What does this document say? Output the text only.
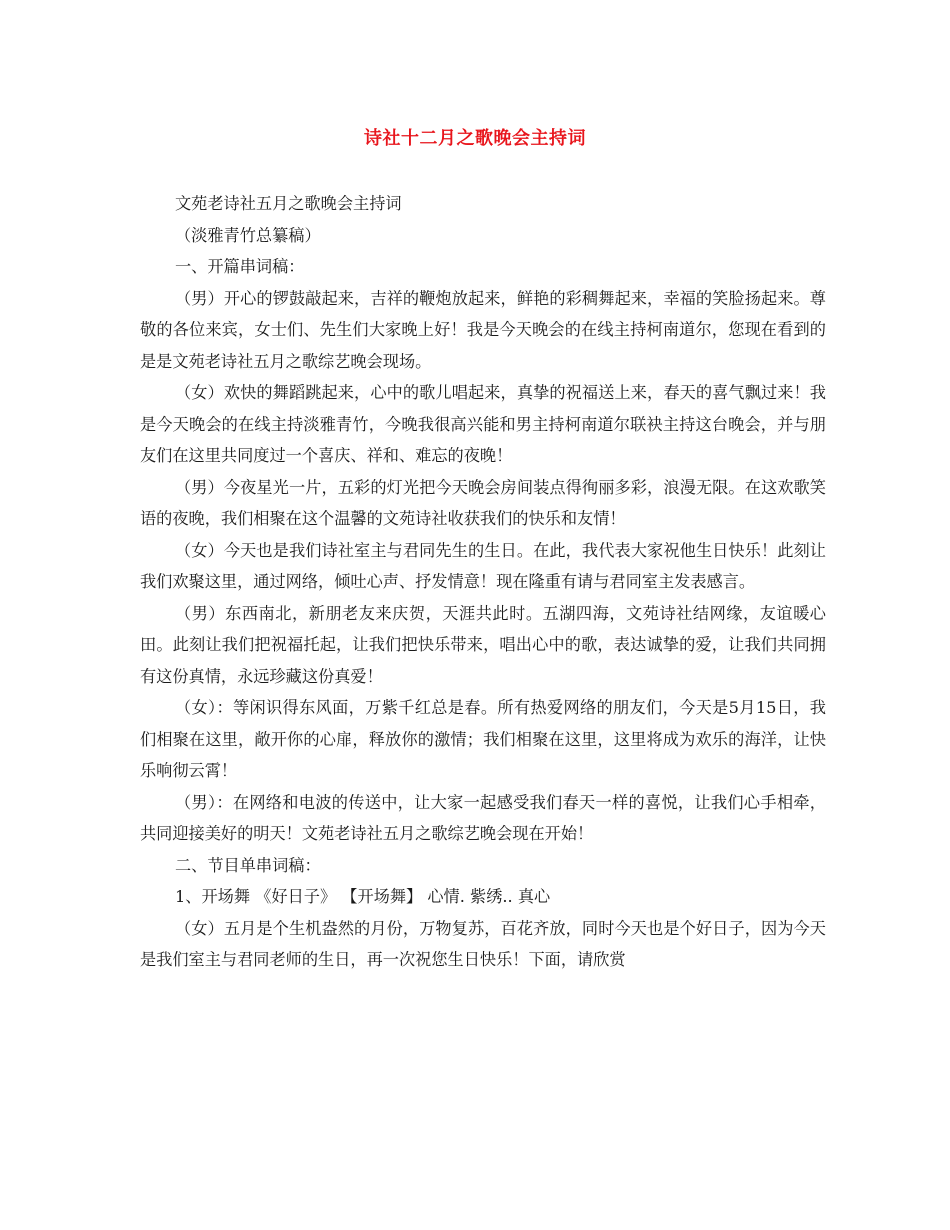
诗社十二月之歌晚会主持词

文苑老诗社五月之歌晚会主持词

（淡雅青竹总纂稿）

一、开篇串词稿：

（男）开心的锣鼓敲起来，吉祥的鞭炮放起来，鲜艳的彩稠舞起来，幸福的笑脸扬起来。尊敬的各位来宾，女士们、先生们大家晚上好！我是今天晚会的在线主持柯南道尔，您现在看到的是是文苑老诗社五月之歌综艺晚会现场。

（女）欢快的舞蹈跳起来，心中的歌儿唱起来，真挚的祝福送上来，春天的喜气飘过来！我是今天晚会的在线主持淡雅青竹，今晚我很高兴能和男主持柯南道尔联袂主持这台晚会，并与朋友们在这里共同度过一个喜庆、祥和、难忘的夜晚！

（男）今夜星光一片，五彩的灯光把今天晚会房间装点得徇丽多彩，浪漫无限。在这欢歌笑语的夜晚，我们相聚在这个温馨的文苑诗社收获我们的快乐和友情！

（女）今天也是我们诗社室主与君同先生的生日。在此，我代表大家祝他生日快乐！此刻让我们欢聚这里，通过网络，倾吐心声、抒发情意！现在隆重有请与君同室主发表感言。

（男）东西南北，新朋老友来庆贺，天涯共此时。五湖四海，文苑诗社结网缘，友谊暖心田。此刻让我们把祝福托起，让我们把快乐带来，唱出心中的歌，表达诚挚的爱，让我们共同拥有这份真情，永远珍藏这份真爱！

（女）：等闲识得东风面，万紫千红总是春。所有热爱网络的朋友们，今天是5月15日，我们相聚在这里，敞开你的心扉，释放你的激情；我们相聚在这里，这里将成为欢乐的海洋，让快乐响彻云霄！

（男）：在网络和电波的传送中，让大家一起感受我们春天一样的喜悦，让我们心手相牵，共同迎接美好的明天！文苑老诗社五月之歌综艺晚会现在开始！

二、节目单串词稿：

1、开场舞 《好日子》 【开场舞】 心情. 紫绣.. 真心

（女）五月是个生机盎然的月份，万物复苏，百花齐放，同时今天也是个好日子，因为今天是我们室主与君同老师的生日，再一次祝您生日快乐！下面，请欣赏
